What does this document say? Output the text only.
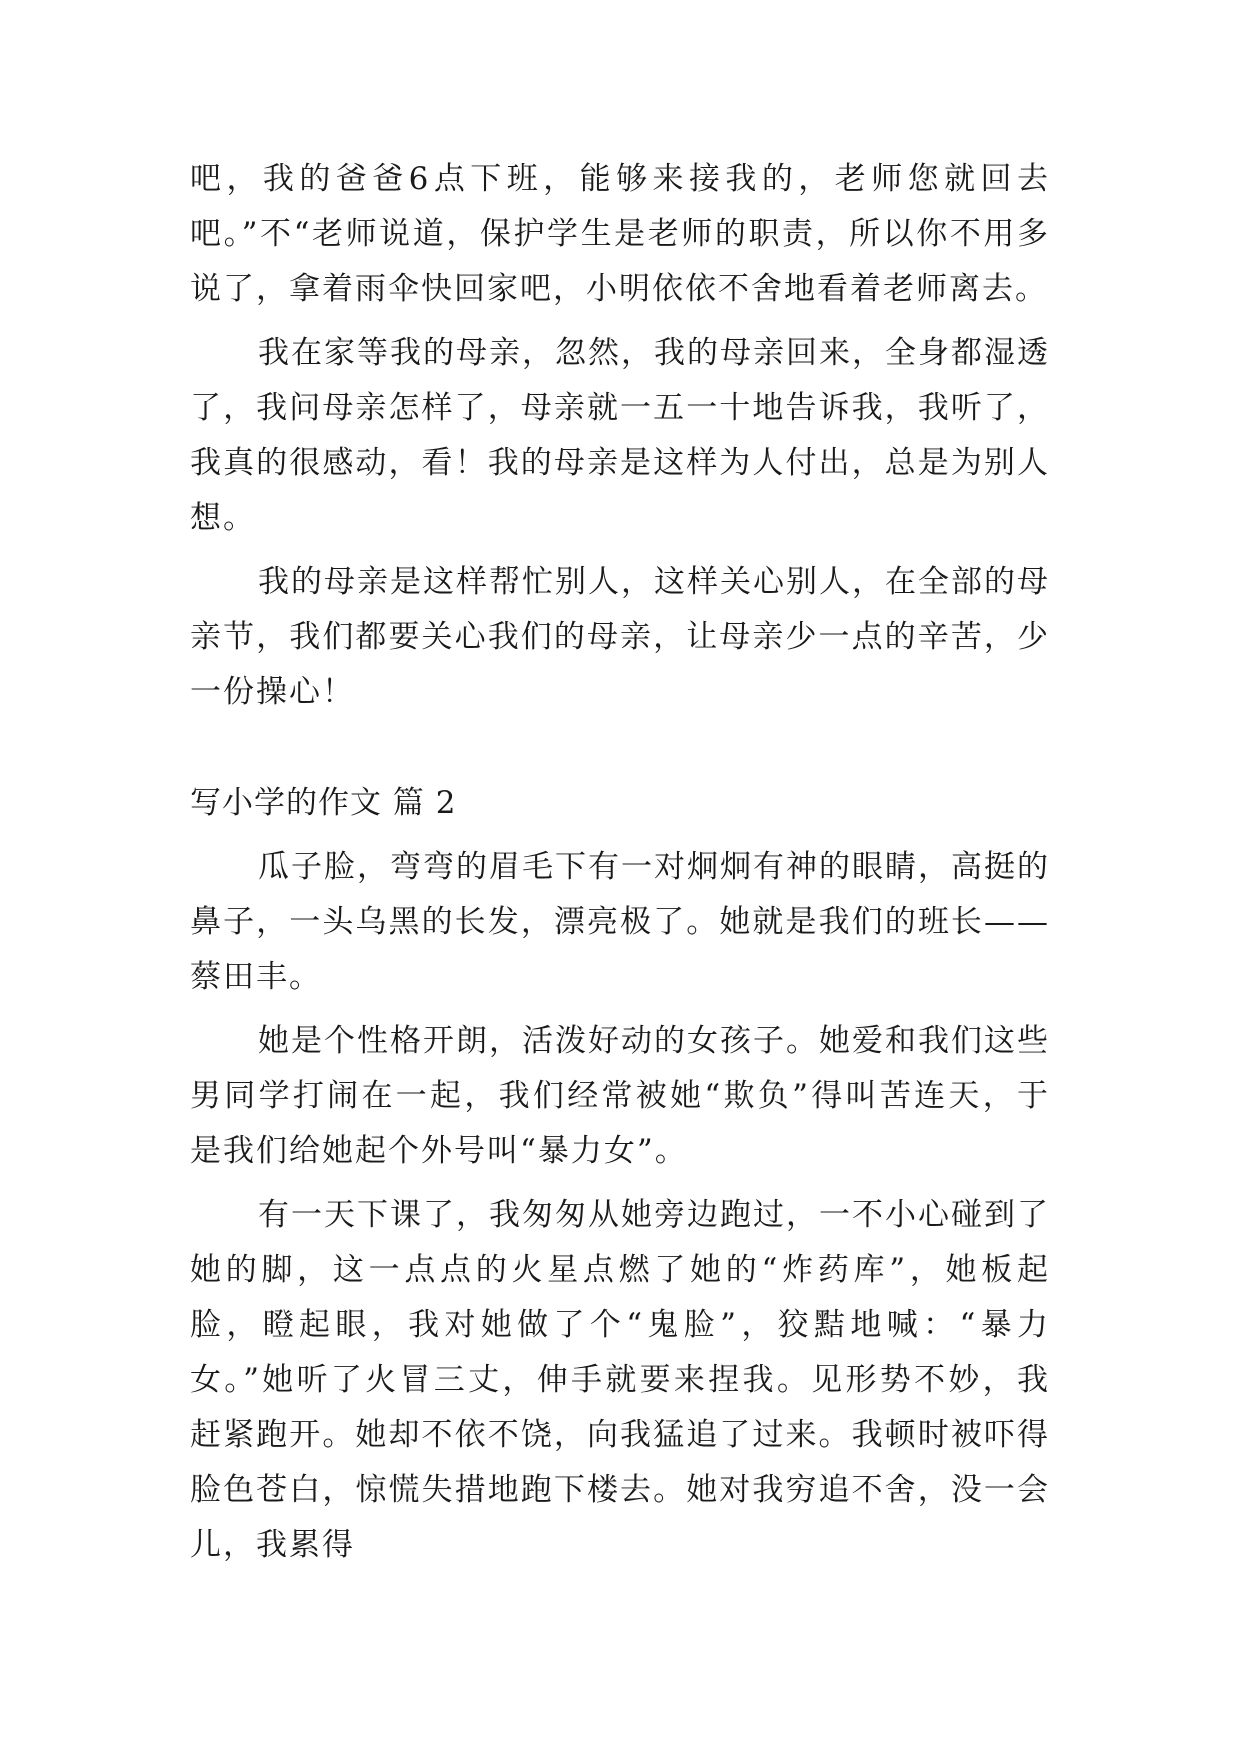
吧，我的爸爸6点下班，能够来接我的，老师您就回去吧。”不“老师说道，保护学生是老师的职责，所以你不用多说了，拿着雨伞快回家吧，小明依依不舍地看着老师离去。

我在家等我的母亲，忽然，我的母亲回来，全身都湿透了，我问母亲怎样了，母亲就一五一十地告诉我，我听了，我真的很感动，看！我的母亲是这样为人付出，总是为别人想。

我的母亲是这样帮忙别人，这样关心别人，在全部的母亲节，我们都要关心我们的母亲，让母亲少一点的辛苦，少一份操心！

写小学的作文 篇 2

瓜子脸，弯弯的眉毛下有一对炯炯有神的眼睛，高挺的鼻子，一头乌黑的长发，漂亮极了。她就是我们的班长——蔡田丰。

她是个性格开朗，活泼好动的女孩子。她爱和我们这些男同学打闹在一起，我们经常被她“欺负”得叫苦连天，于是我们给她起个外号叫“暴力女”。

有一天下课了，我匆匆从她旁边跑过，一不小心碰到了她的脚，这一点点的火星点燃了她的“炸药库”，她板起脸，瞪起眼，我对她做了个“鬼脸”，狡黠地喊：“暴力女。”她听了火冒三丈，伸手就要来捏我。见形势不妙，我赶紧跑开。她却不依不饶，向我猛追了过来。我顿时被吓得脸色苍白，惊慌失措地跑下楼去。她对我穷追不舍，没一会儿，我累得
